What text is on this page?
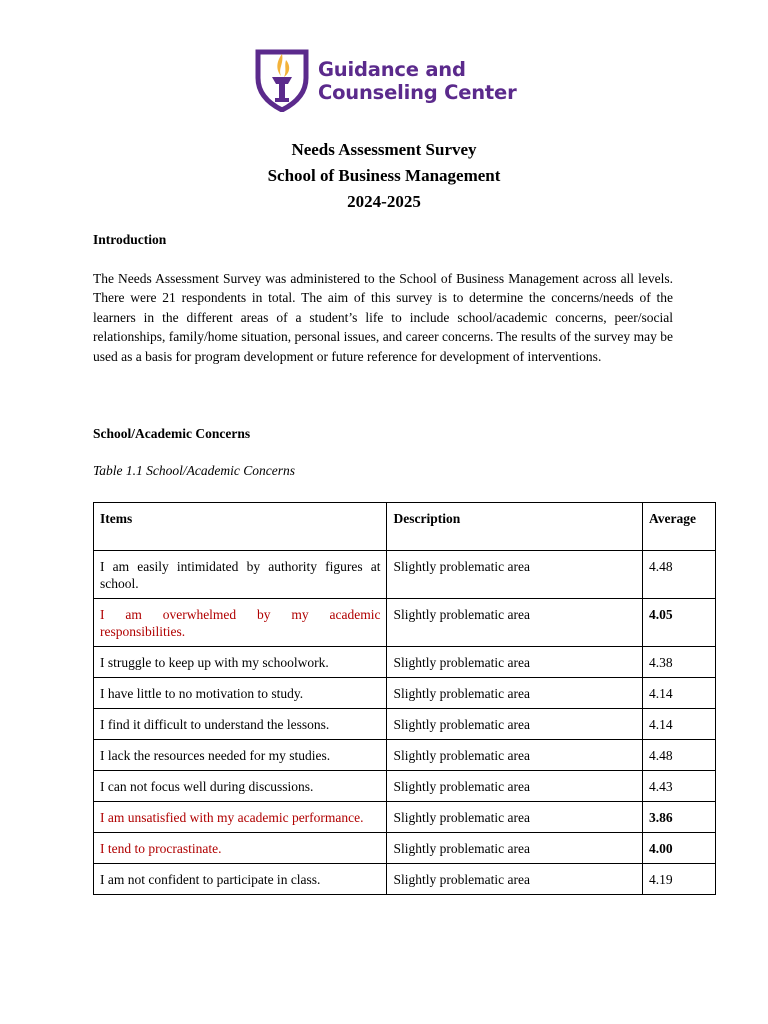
Guidance and
Counseling Center
Needs Assessment Survey
School of Business Management
2024-2025
Introduction
The Needs Assessment Survey was administered to the School of Business Management across all levels. There were 21 respondents in total. The aim of this survey is to determine the concerns/needs of the learners in the different areas of a student’s life to include school/academic concerns, peer/social relationships, family/home situation, personal issues, and career concerns. The results of the survey may be used as a basis for program development or future reference for development of interventions.
School/Academic Concerns
Table 1.1 School/Academic Concerns
Items	Description	Average
I am easily intimidated by authority figures at school.	Slightly problematic area	4.48
I am overwhelmed by my academic responsibilities.	Slightly problematic area	4.05
I struggle to keep up with my schoolwork.	Slightly problematic area	4.38
I have little to no motivation to study.	Slightly problematic area	4.14
I find it difficult to understand the lessons.	Slightly problematic area	4.14
I lack the resources needed for my studies.	Slightly problematic area	4.48
I can not focus well during discussions.	Slightly problematic area	4.43
I am unsatisfied with my academic performance.	Slightly problematic area	3.86
I tend to procrastinate.	Slightly problematic area	4.00
I am not confident to participate in class.	Slightly problematic area	4.19
